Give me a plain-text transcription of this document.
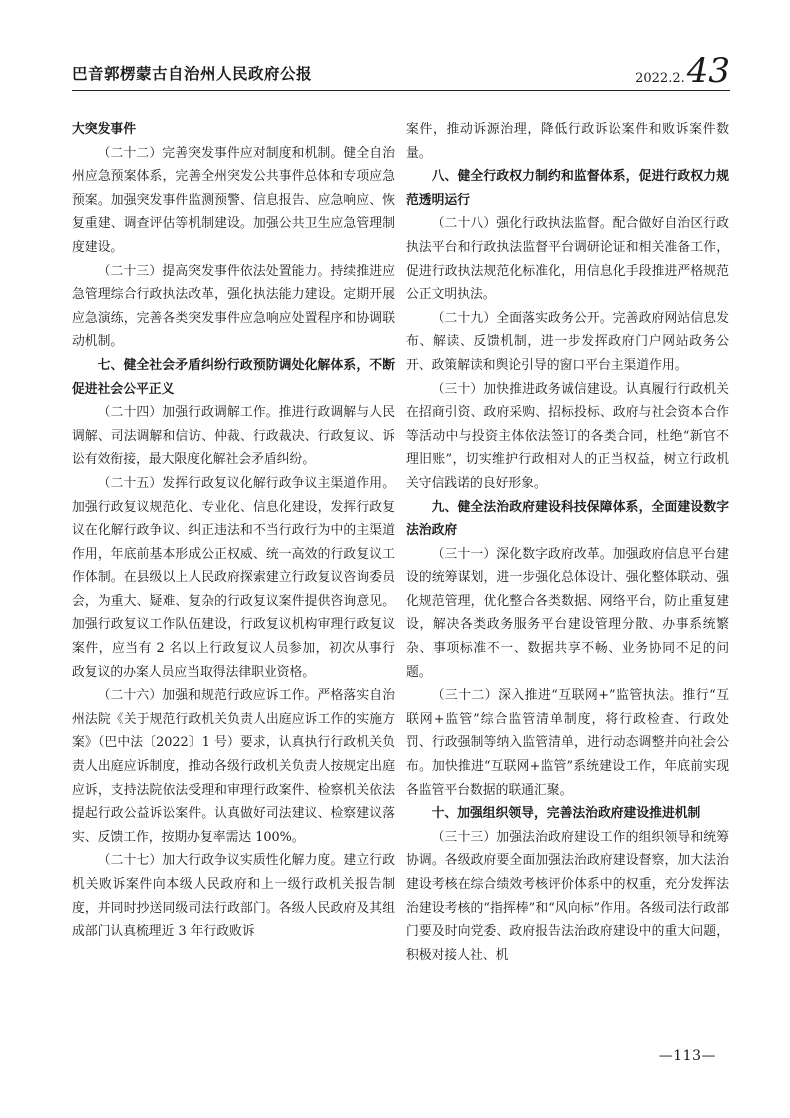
巴音郭楞蒙古自治州人民政府公报	2022.2.43
大突发事件

（二十二）完善突发事件应对制度和机制。健全自治州应急预案体系，完善全州突发公共事件总体和专项应急预案。加强突发事件监测预警、信息报告、应急响应、恢复重建、调查评估等机制建设。加强公共卫生应急管理制度建设。

（二十三）提高突发事件依法处置能力。持续推进应急管理综合行政执法改革，强化执法能力建设。定期开展应急演练，完善各类突发事件应急响应处置程序和协调联动机制。

七、健全社会矛盾纠纷行政预防调处化解体系，不断促进社会公平正义

（二十四）加强行政调解工作。推进行政调解与人民调解、司法调解和信访、仲裁、行政裁决、行政复议、诉讼有效衔接，最大限度化解社会矛盾纠纷。

（二十五）发挥行政复议化解行政争议主渠道作用。加强行政复议规范化、专业化、信息化建设，发挥行政复议在化解行政争议、纠正违法和不当行政行为中的主渠道作用，年底前基本形成公正权威、统一高效的行政复议工作体制。在县级以上人民政府探索建立行政复议咨询委员会，为重大、疑难、复杂的行政复议案件提供咨询意见。加强行政复议工作队伍建设，行政复议机构审理行政复议案件，应当有 2 名以上行政复议人员参加，初次从事行政复议的办案人员应当取得法律职业资格。

（二十六）加强和规范行政应诉工作。严格落实自治州法院《关于规范行政机关负责人出庭应诉工作的实施方案》（巴中法〔2022〕1 号）要求，认真执行行政机关负责人出庭应诉制度，推动各级行政机关负责人按规定出庭应诉，支持法院依法受理和审理行政案件、检察机关依法提起行政公益诉讼案件。认真做好司法建议、检察建议落实、反馈工作，按期办复率需达 100%。

（二十七）加大行政争议实质性化解力度。建立行政机关败诉案件向本级人民政府和上一级行政机关报告制度，并同时抄送同级司法行政部门。各级人民政府及其组成部门认真梳理近 3 年行政败诉

案件，推动诉源治理，降低行政诉讼案件和败诉案件数量。

八、健全行政权力制约和监督体系，促进行政权力规范透明运行

（二十八）强化行政执法监督。配合做好自治区行政执法平台和行政执法监督平台调研论证和相关准备工作，促进行政执法规范化标准化，用信息化手段推进严格规范公正文明执法。

（二十九）全面落实政务公开。完善政府网站信息发布、解读、反馈机制，进一步发挥政府门户网站政务公开、政策解读和舆论引导的窗口平台主渠道作用。

（三十）加快推进政务诚信建设。认真履行行政机关在招商引资、政府采购、招标投标、政府与社会资本合作等活动中与投资主体依法签订的各类合同，杜绝“新官不理旧账”，切实维护行政相对人的正当权益，树立行政机关守信践诺的良好形象。

九、健全法治政府建设科技保障体系，全面建设数字法治政府

（三十一）深化数字政府改革。加强政府信息平台建设的统筹谋划，进一步强化总体设计、强化整体联动、强化规范管理，优化整合各类数据、网络平台，防止重复建设，解决各类政务服务平台建设管理分散、办事系统繁杂、事项标准不一、数据共享不畅、业务协同不足的问题。

（三十二）深入推进“互联网+”监管执法。推行“互联网+监管”综合监管清单制度，将行政检查、行政处罚、行政强制等纳入监管清单，进行动态调整并向社会公布。加快推进“互联网+监管”系统建设工作，年底前实现各监管平台数据的联通汇聚。

十、加强组织领导，完善法治政府建设推进机制

（三十三）加强法治政府建设工作的组织领导和统筹协调。各级政府要全面加强法治政府建设督察，加大法治建设考核在综合绩效考核评价体系中的权重，充分发挥法治建设考核的“指挥棒”和“风向标”作用。各级司法行政部门要及时向党委、政府报告法治政府建设中的重大问题，积极对接人社、机

—113—
